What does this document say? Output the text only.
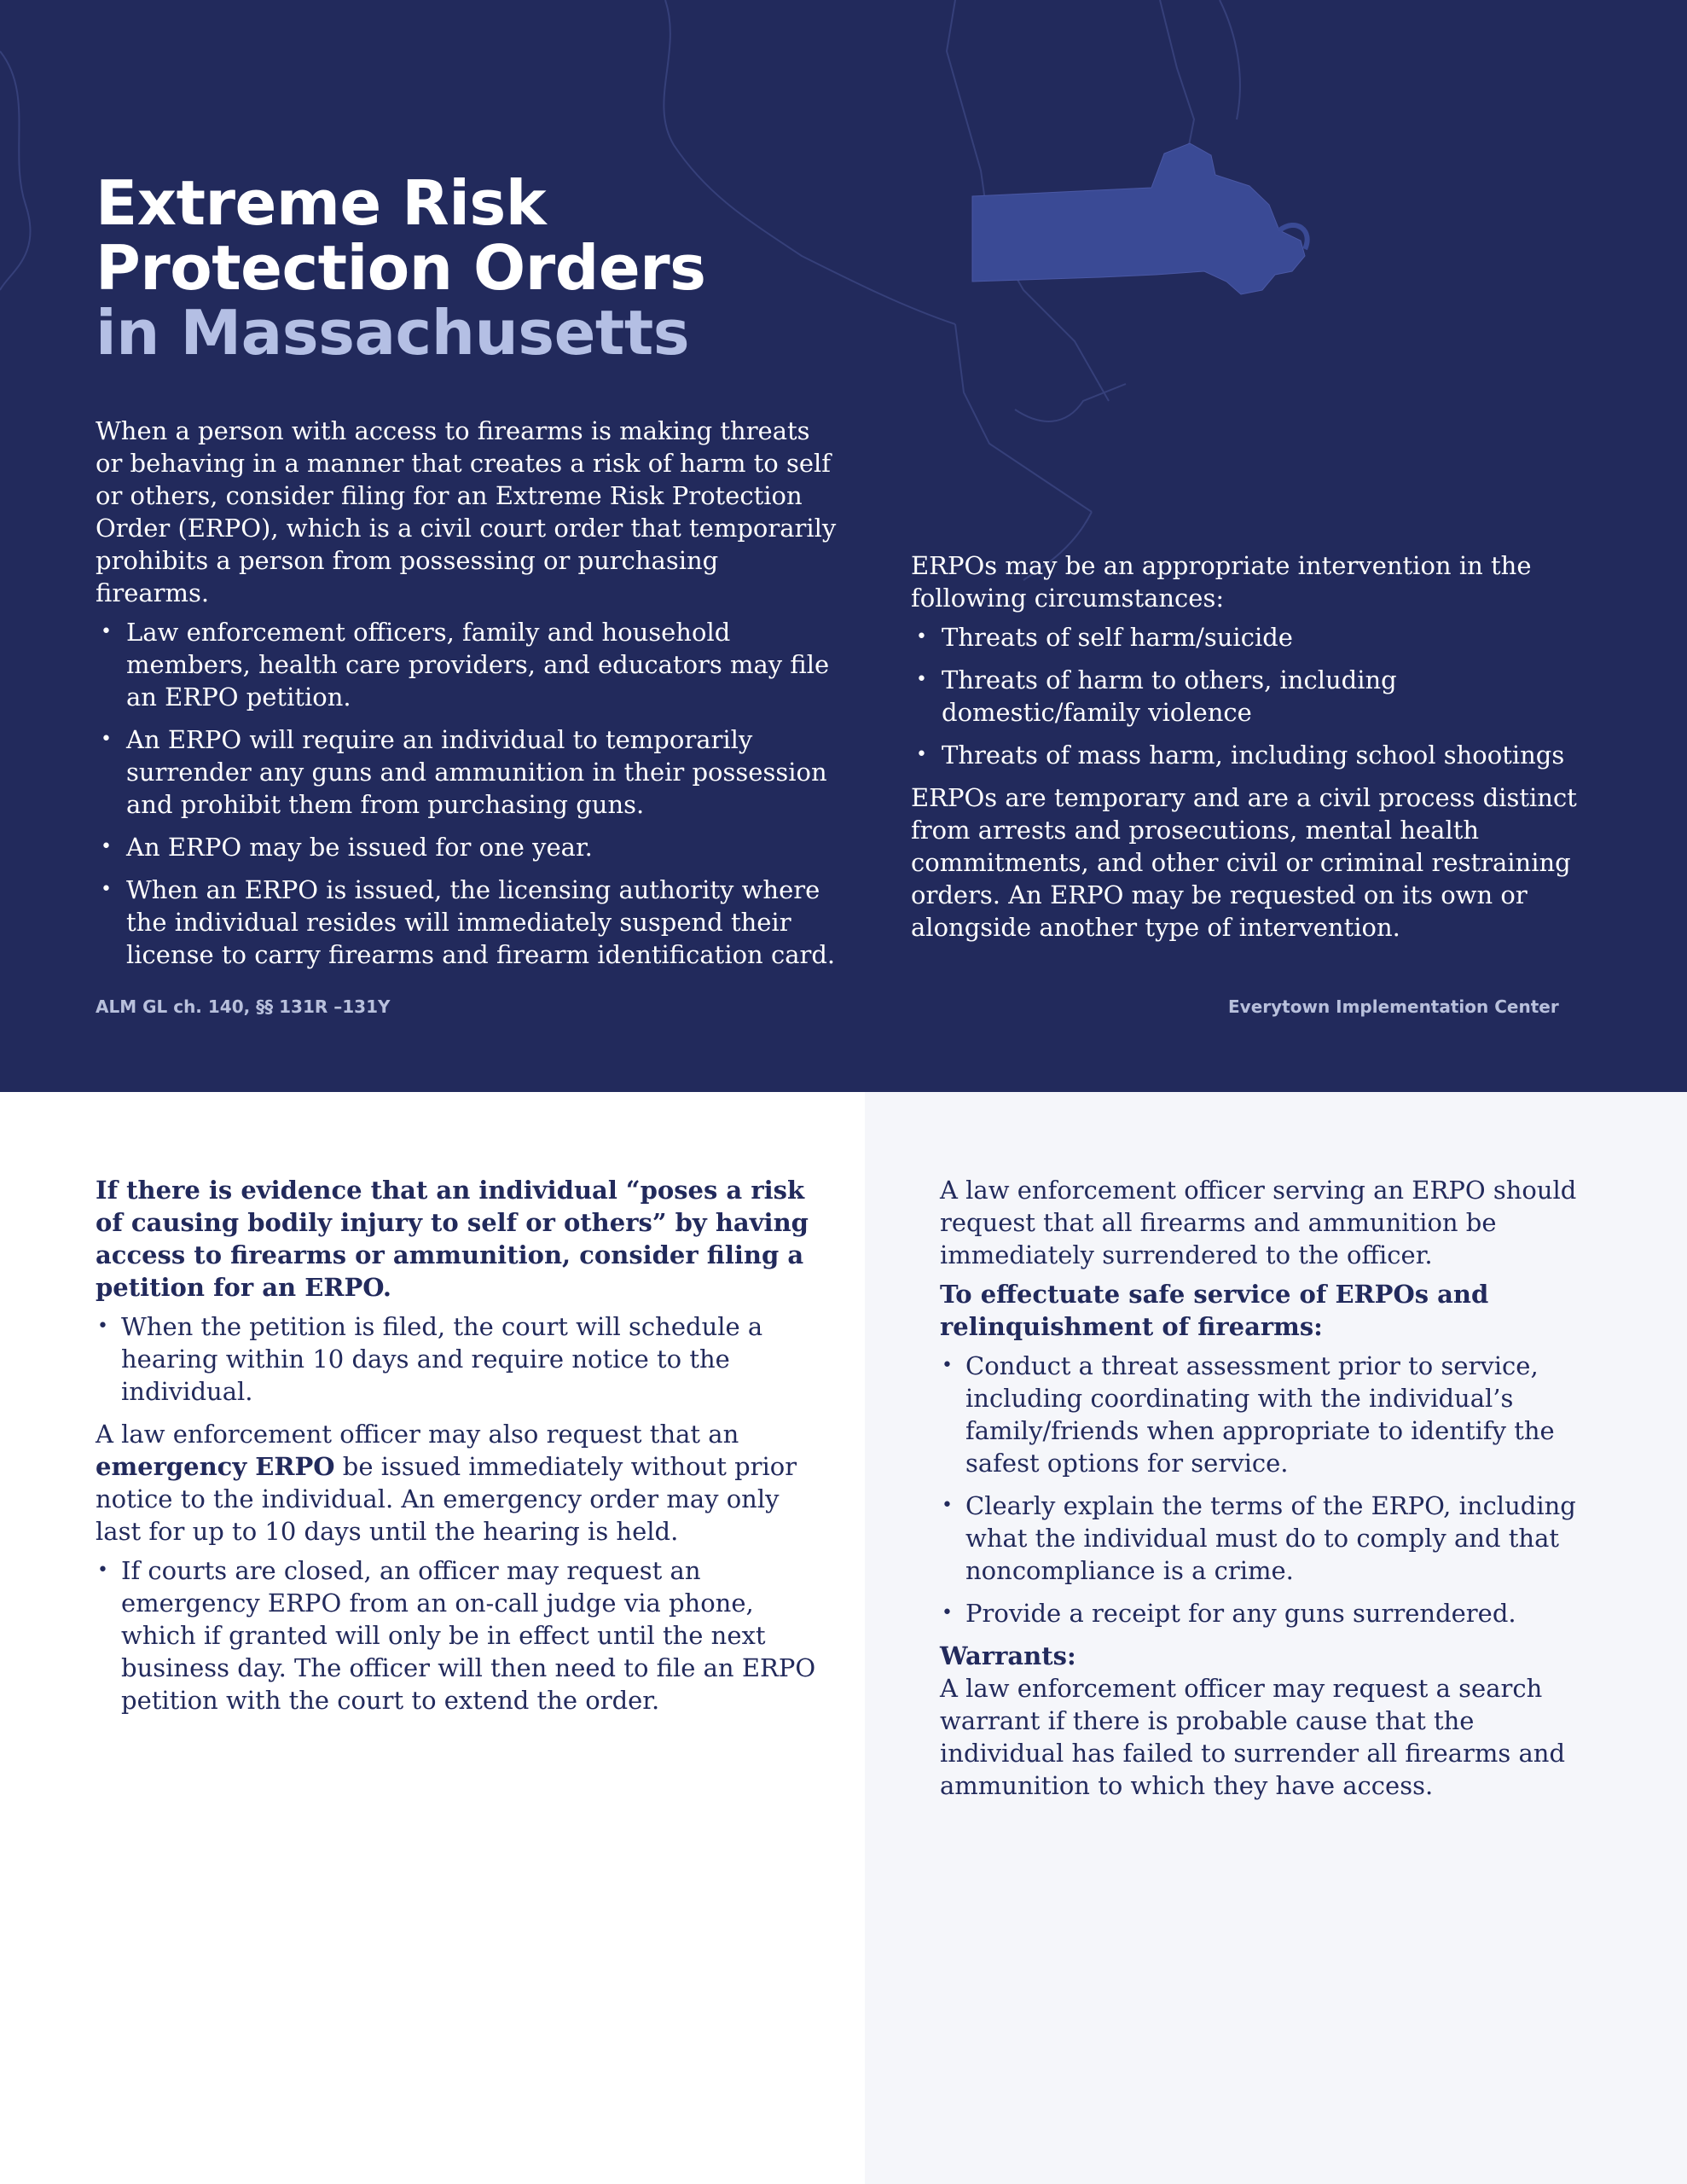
Extreme Risk
Protection Orders
in Massachusetts

When a person with access to firearms is making threats or behaving in a manner that creates a risk of harm to self or others, consider filing for an Extreme Risk Protection Order (ERPO), which is a civil court order that temporarily prohibits a person from possessing or purchasing firearms.

• Law enforcement officers, family and household members, health care providers, and educators may file an ERPO petition.
• An ERPO will require an individual to temporarily surrender any guns and ammunition in their possession and prohibit them from purchasing guns.
• An ERPO may be issued for one year.
• When an ERPO is issued, the licensing authority where the individual resides will immediately suspend their license to carry firearms and firearm identification card.

ERPOs may be an appropriate intervention in the following circumstances:

• Threats of self harm/suicide
• Threats of harm to others, including domestic/family violence
• Threats of mass harm, including school shootings

ERPOs are temporary and are a civil process distinct from arrests and prosecutions, mental health commitments, and other civil or criminal restraining orders. An ERPO may be requested on its own or alongside another type of intervention.

ALM GL ch. 140, §§ 131R –131Y	Everytown Implementation Center

If there is evidence that an individual “poses a risk of causing bodily injury to self or others” by having access to firearms or ammunition, consider filing a petition for an ERPO.

• When the petition is filed, the court will schedule a hearing within 10 days and require notice to the individual.

A law enforcement officer may also request that an emergency ERPO be issued immediately without prior notice to the individual. An emergency order may only last for up to 10 days until the hearing is held.

• If courts are closed, an officer may request an emergency ERPO from an on-call judge via phone, which if granted will only be in effect until the next business day. The officer will then need to file an ERPO petition with the court to extend the order.

A law enforcement officer serving an ERPO should request that all firearms and ammunition be immediately surrendered to the officer.

To effectuate safe service of ERPOs and relinquishment of firearms:

• Conduct a threat assessment prior to service, including coordinating with the individual’s family/friends when appropriate to identify the safest options for service.
• Clearly explain the terms of the ERPO, including what the individual must do to comply and that noncompliance is a crime.
• Provide a receipt for any guns surrendered.

Warrants:

A law enforcement officer may request a search warrant if there is probable cause that the individual has failed to surrender all firearms and ammunition to which they have access.
